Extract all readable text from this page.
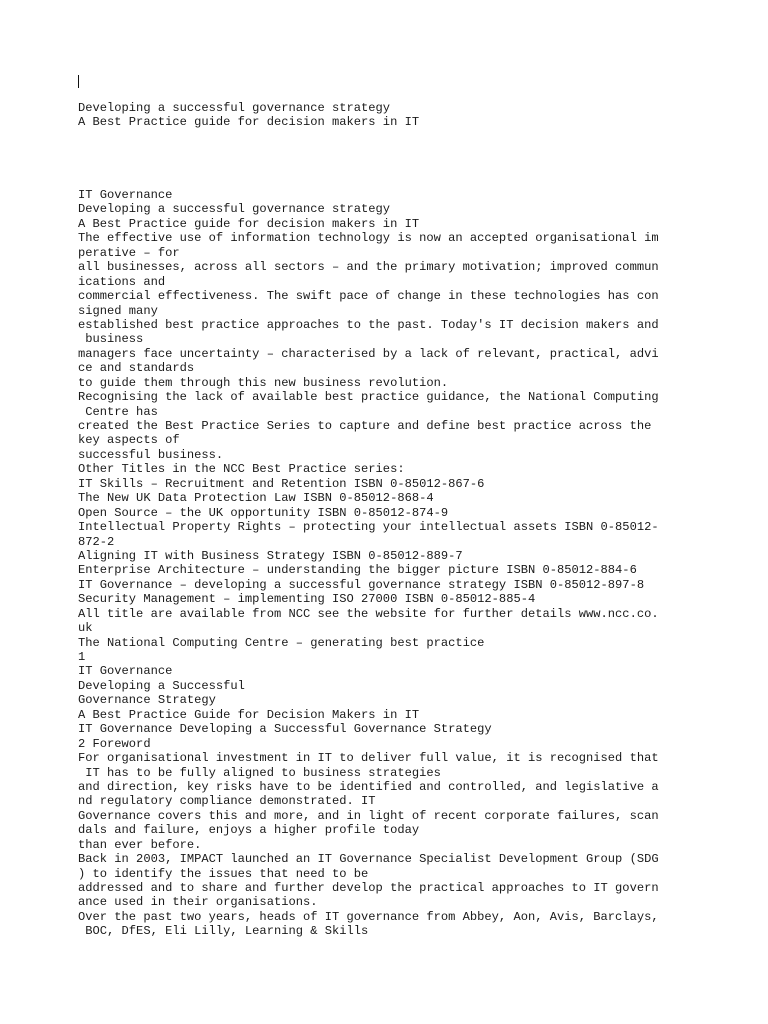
Developing a successful governance strategy
A Best Practice guide for decision makers in IT
IT Governance
Developing a successful governance strategy
A Best Practice guide for decision makers in IT
The effective use of information technology is now an accepted organisational im
perative – for
all businesses, across all sectors – and the primary motivation; improved commun
ications and
commercial effectiveness. The swift pace of change in these technologies has con
signed many
established best practice approaches to the past. Today's IT decision makers and
business
managers face uncertainty – characterised by a lack of relevant, practical, advi
ce and standards
to guide them through this new business revolution.
Recognising the lack of available best practice guidance, the National Computing
Centre has
created the Best Practice Series to capture and define best practice across the
key aspects of
successful business.
Other Titles in the NCC Best Practice series:
IT Skills – Recruitment and Retention ISBN 0-85012-867-6
The New UK Data Protection Law ISBN 0-85012-868-4
Open Source – the UK opportunity ISBN 0-85012-874-9
Intellectual Property Rights – protecting your intellectual assets ISBN 0-85012-
872-2
Aligning IT with Business Strategy ISBN 0-85012-889-7
Enterprise Architecture – understanding the bigger picture ISBN 0-85012-884-6
IT Governance – developing a successful governance strategy ISBN 0-85012-897-8
Security Management – implementing ISO 27000 ISBN 0-85012-885-4
All title are available from NCC see the website for further details www.ncc.co.
uk
The National Computing Centre – generating best practice
1
IT Governance
Developing a Successful
Governance Strategy
A Best Practice Guide for Decision Makers in IT
IT Governance Developing a Successful Governance Strategy
2 Foreword
For organisational investment in IT to deliver full value, it is recognised that
IT has to be fully aligned to business strategies
and direction, key risks have to be identified and controlled, and legislative a
nd regulatory compliance demonstrated. IT
Governance covers this and more, and in light of recent corporate failures, scan
dals and failure, enjoys a higher profile today
than ever before.
Back in 2003, IMPACT launched an IT Governance Specialist Development Group (SDG
) to identify the issues that need to be
addressed and to share and further develop the practical approaches to IT govern
ance used in their organisations.
Over the past two years, heads of IT governance from Abbey, Aon, Avis, Barclays,
BOC, DfES, Eli Lilly, Learning & Skills
